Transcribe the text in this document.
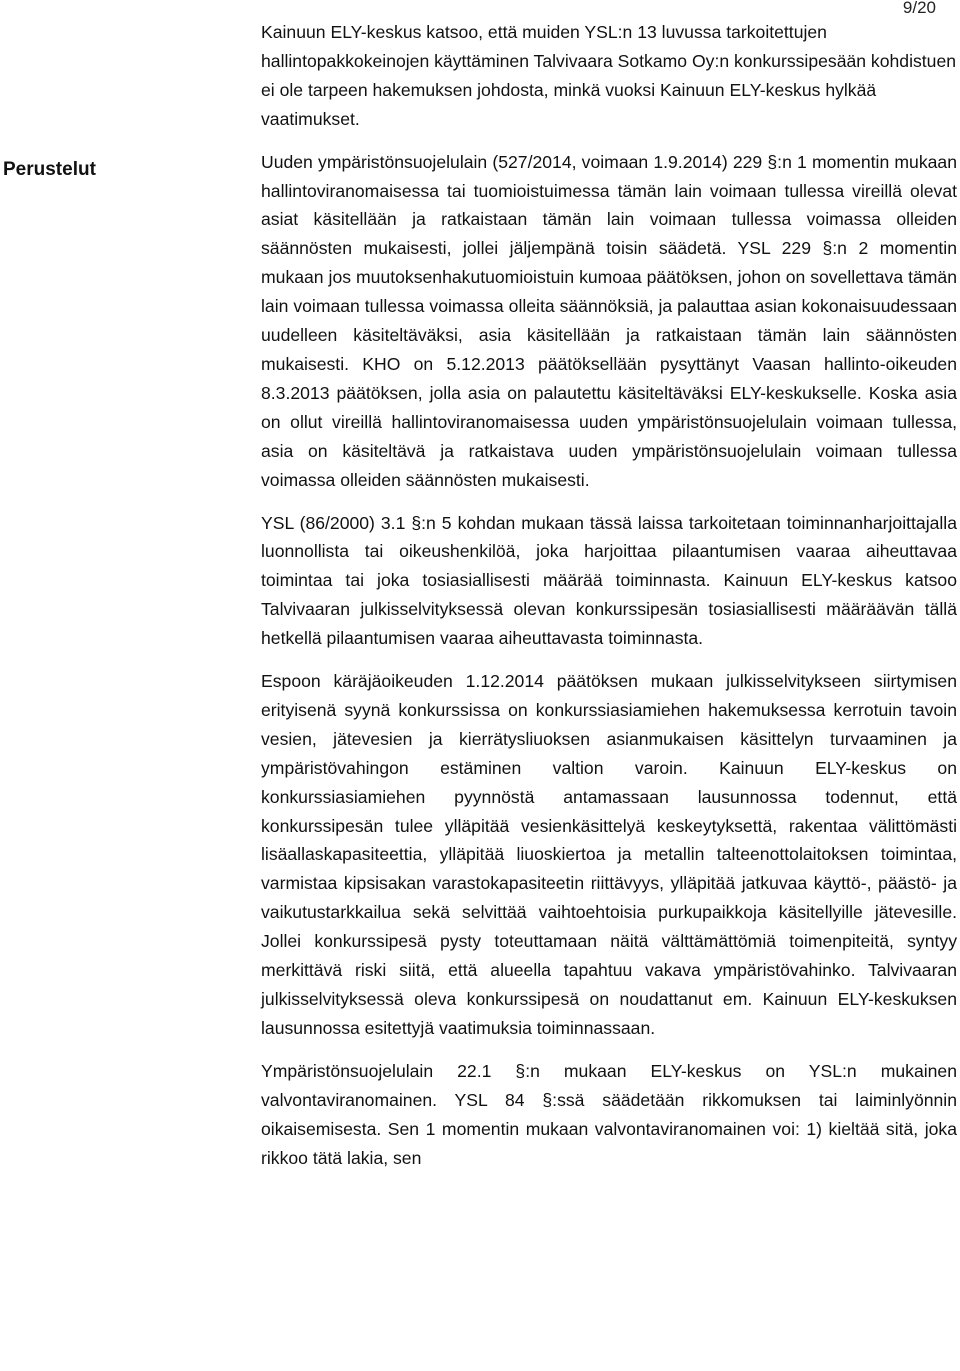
9/20
Perustelut

Kainuun ELY-keskus katsoo, että muiden YSL:n 13 luvussa tarkoitettujen hallintopakkokeinojen käyttäminen Talvivaara Sotkamo Oy:n konkurssipesään kohdistuen ei ole tarpeen hakemuksen johdosta, minkä vuoksi Kainuun ELY-keskus hylkää vaatimukset.

Uuden ympäristönsuojelulain (527/2014, voimaan 1.9.2014) 229 §:n 1 momentin mukaan hallintoviranomaisessa tai tuomioistuimessa tämän lain voimaan tullessa vireillä olevat asiat käsitellään ja ratkaistaan tämän lain voimaan tullessa voimassa olleiden säännösten mukaisesti, jollei jäljempänä toisin säädetä. YSL 229 §:n 2 momentin mukaan jos muutoksenhakutuomioistuin kumoaa päätöksen, johon on sovellettava tämän lain voimaan tullessa voimassa olleita säännöksiä, ja palauttaa asian kokonaisuudessaan uudelleen käsiteltäväksi, asia käsitellään ja ratkaistaan tämän lain säännösten mukaisesti. KHO on 5.12.2013 päätöksellään pysyttänyt Vaasan hallinto-oikeuden 8.3.2013 päätöksen, jolla asia on palautettu käsiteltäväksi ELY-keskukselle. Koska asia on ollut vireillä hallintoviranomaisessa uuden ympäristönsuojelulain voimaan tullessa, asia on käsiteltävä ja ratkaistava uuden ympäristönsuojelulain voimaan tullessa voimassa olleiden säännösten mukaisesti.

YSL (86/2000) 3.1 §:n 5 kohdan mukaan tässä laissa tarkoitetaan toiminnanharjoittajalla luonnollista tai oikeushenkilöä, joka harjoittaa pilaantumisen vaaraa aiheuttavaa toimintaa tai joka tosiasiallisesti määrää toiminnasta. Kainuun ELY-keskus katsoo Talvivaaran julkisselvityksessä olevan konkurssipesän tosiasiallisesti määräävän tällä hetkellä pilaantumisen vaaraa aiheuttavasta toiminnasta.

Espoon käräjäoikeuden 1.12.2014 päätöksen mukaan julkisselvitykseen siirtymisen erityisenä syynä konkurssissa on konkurssiasiamiehen hakemuksessa kerrotuin tavoin vesien, jätevesien ja kierrätysliuoksen asianmukaisen käsittelyn turvaaminen ja ympäristövahingon estäminen valtion varoin. Kainuun ELY-keskus on konkurssiasiamiehen pyynnöstä antamassaan lausunnossa todennut, että konkurssipesän tulee ylläpitää vesienkäsittelyä keskeytyksettä, rakentaa välittömästi lisäallaskapasiteettia, ylläpitää liuoskiertoa ja metallin talteenottolaitoksen toimintaa, varmistaa kipsisakan varastokapasiteetin riittävyys, ylläpitää jatkuvaa käyttö-, päästö- ja vaikutustarkkailua sekä selvittää vaihtoehtoisia purkupaikkoja käsitellyille jätevesille. Jollei konkurssipesä pysty toteuttamaan näitä välttämättömiä toimenpiteitä, syntyy merkittävä riski siitä, että alueella tapahtuu vakava ympäristövahinko. Talvivaaran julkisselvityksessä oleva konkurssipesä on noudattanut em. Kainuun ELY-keskuksen lausunnossa esitettyjä vaatimuksia toiminnassaan.

Ympäristönsuojelulain 22.1 §:n mukaan ELY-keskus on YSL:n mukainen valvontaviranomainen. YSL 84 §:ssä säädetään rikkomuksen tai laiminlyönnin oikaisemisesta. Sen 1 momentin mukaan valvontaviranomainen voi: 1) kieltää sitä, joka rikkoo tätä lakia, sen
